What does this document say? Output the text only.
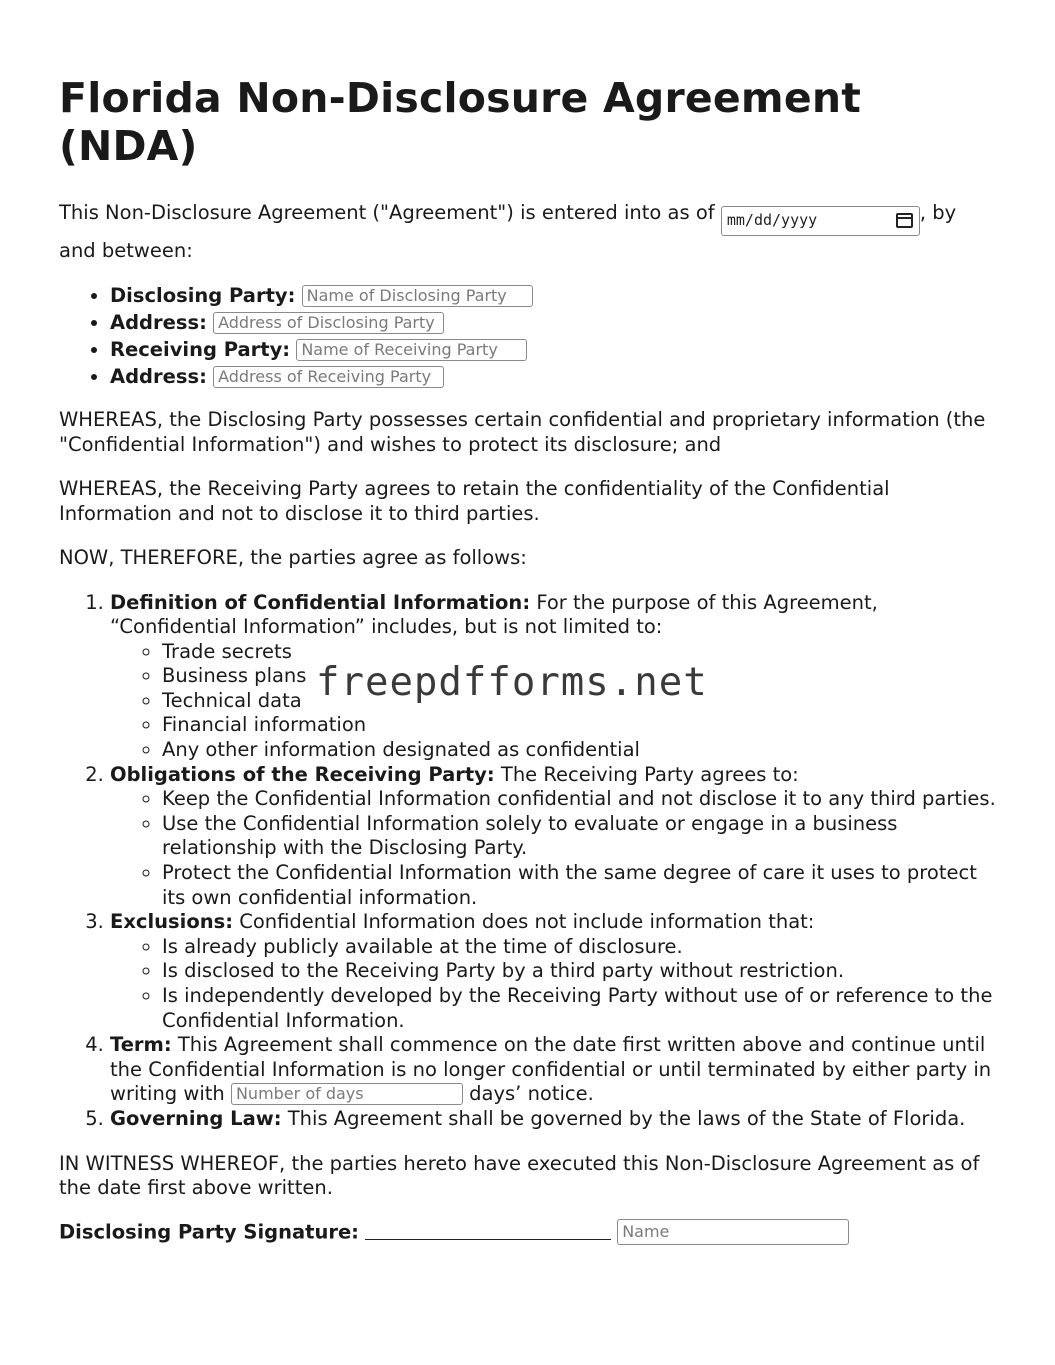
Florida Non-Disclosure Agreement (NDA)

This Non-Disclosure Agreement ("Agreement") is entered into as of mm/dd/yyyy	, by and between:

• Disclosing Party: Name of Disclosing Party
• Address: Address of Disclosing Party
• Receiving Party: Name of Receiving Party
• Address: Address of Receiving Party

WHEREAS, the Disclosing Party possesses certain confidential and proprietary information (the "Confidential Information") and wishes to protect its disclosure; and

WHEREAS, the Receiving Party agrees to retain the confidentiality of the Confidential Information and not to disclose it to third parties.

NOW, THEREFORE, the parties agree as follows:

1. Definition of Confidential Information: For the purpose of this Agreement, “Confidential Information” includes, but is not limited to:
◦ Trade secrets
◦ Business plans
◦ Technical data
◦ Financial information
◦ Any other information designated as confidential
2. Obligations of the Receiving Party: The Receiving Party agrees to:
◦ Keep the Confidential Information confidential and not disclose it to any third parties.
◦ Use the Confidential Information solely to evaluate or engage in a business relationship with the Disclosing Party.
◦ Protect the Confidential Information with the same degree of care it uses to protect its own confidential information.
3. Exclusions: Confidential Information does not include information that:
◦ Is already publicly available at the time of disclosure.
◦ Is disclosed to the Receiving Party by a third party without restriction.
◦ Is independently developed by the Receiving Party without use of or reference to the Confidential Information.
4. Term: This Agreement shall commence on the date first written above and continue until the Confidential Information is no longer confidential or until terminated by either party in writing with Number of days	days’ notice.
5. Governing Law: This Agreement shall be governed by the laws of the State of Florida.

IN WITNESS WHEREOF, the parties hereto have executed this Non-Disclosure Agreement as of the date first above written.

Disclosing Party Signature: Name

freepdfforms.net
